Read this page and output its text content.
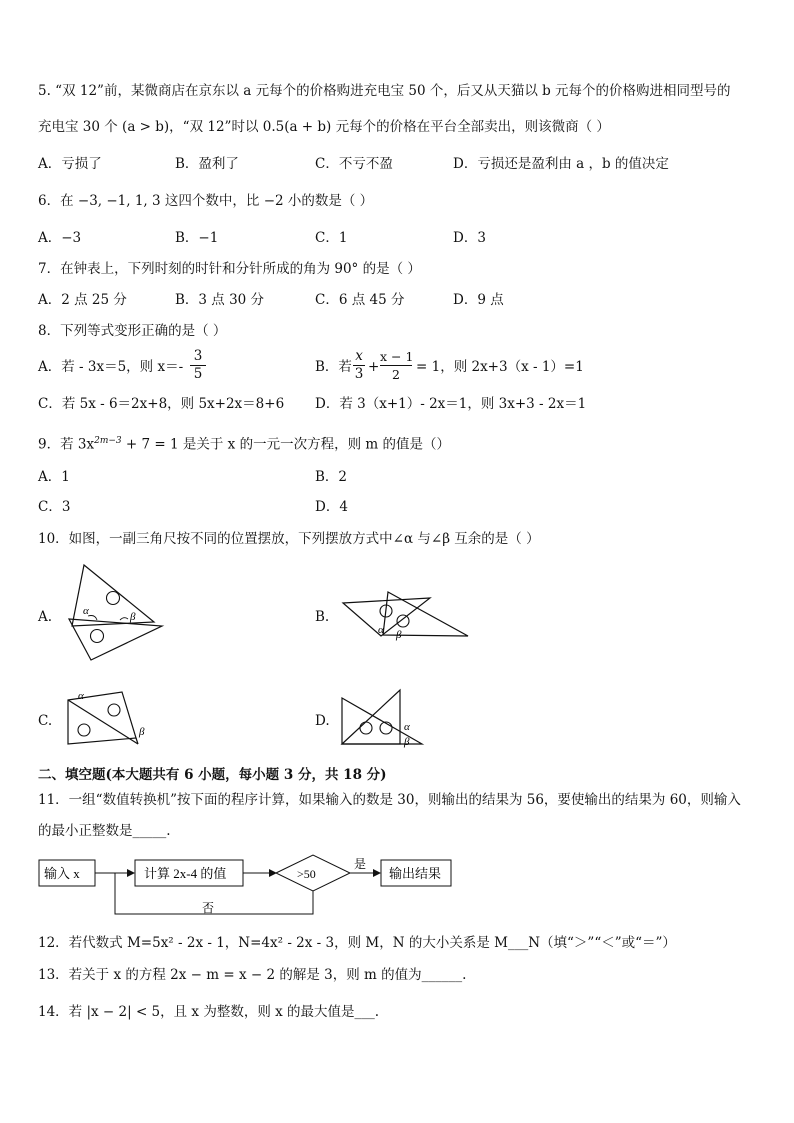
5. “双 12”前，某微商店在京东以 a 元每个的价格购进充电宝 50 个，后又从天猫以 b 元每个的价格购进相同型号的
充电宝 30 个 (a > b)，“双 12”时以 0.5(a + b) 元每个的价格在平台全部卖出，则该微商（ ）
A．亏损了	B．盈利了	C．不亏不盈	D．亏损还是盈利由 a ，b 的值决定
6．在 −3, −1, 1, 3 这四个数中，比 −2 小的数是（ ）
A．−3	B．−1	C．1	D．3
7．在钟表上，下列时刻的时针和分针所成的角为 90° 的是（ ）
A．2 点 25 分	B．3 点 30 分	C．6 点 45 分	D．9 点
8．下列等式变形正确的是（ ）
A．若 - 3x＝5，则 $x=- \frac{3}{5}$	B．若 $\frac{x}{3} + \frac{x - 1}{2} = 1$，则 2x+3（x - 1）=1
C．若 5x - 6＝2x+8，则 5x+2x＝8+6 D．若 3（x+1）- 2x＝1，则 3x+3 - 2x＝1
9．若 $3x^{2m-3} + 7 = 1$ 是关于 x 的一元一次方程，则 m 的值是（）
A．1	B．2
C．3	D．4
10．如图，一副三角尺按不同的位置摆放，下列摆放方式中∠α 与∠β 互余的是（ ）
A.	α	β	B.
α β
C.
α
β
D.	α
β
二、填空题(本大题共有 6 小题，每小题 3 分，共 18 分)
11．一组“数值转换机”按下面的程序计算，如果输入的数是 30，则输出的结果为 56，要使输出的结果为 60，则输入
的最小正整数是_____.
输入 x	计算 2x-4 的值	>50
是
输出结果
否
12．若代数式 M=5x² - 2x - 1，N=4x² - 2x - 3，则 M，N 的大小关系是 M___N（填“＞”“＜”或“＝”）
13．若关于 x 的方程 2x − m = x − 2 的解是 3，则 m 的值为______.
14．若 |x − 2| < 5，且 x 为整数，则 x 的最大值是___.
